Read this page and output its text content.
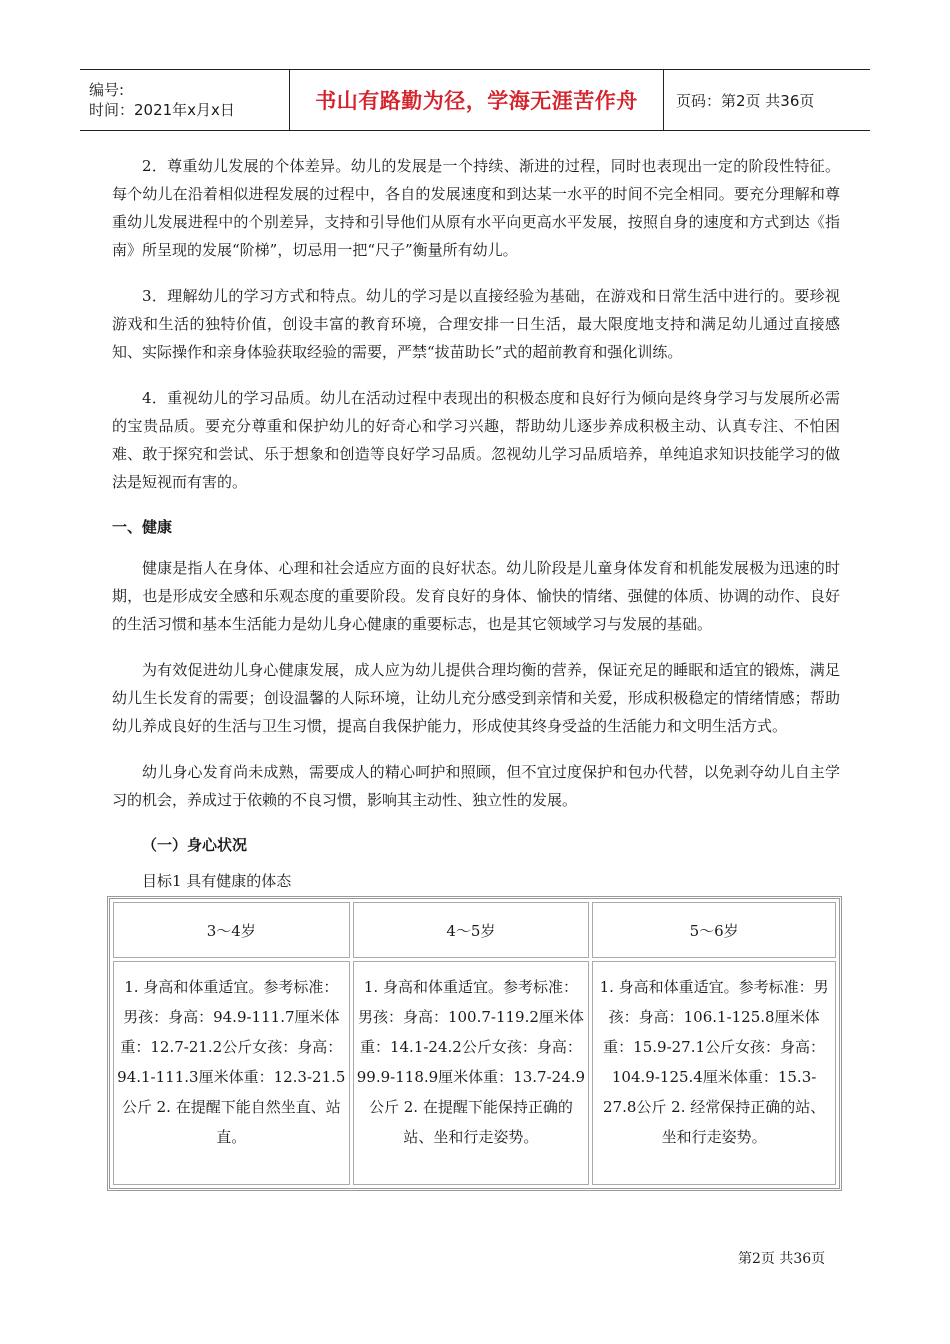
编号:
时间：2021年x月x日	书山有路勤为径，学海无涯苦作舟	页码：第2页 共36页

2．尊重幼儿发展的个体差异。幼儿的发展是一个持续、渐进的过程，同时也表现出一定的阶段性特征。每个幼儿在沿着相似进程发展的过程中，各自的发展速度和到达某一水平的时间不完全相同。要充分理解和尊重幼儿发展进程中的个别差异，支持和引导他们从原有水平向更高水平发展，按照自身的速度和方式到达《指南》所呈现的发展“阶梯”，切忌用一把“尺子”衡量所有幼儿。

3．理解幼儿的学习方式和特点。幼儿的学习是以直接经验为基础，在游戏和日常生活中进行的。要珍视游戏和生活的独特价值，创设丰富的教育环境，合理安排一日生活，最大限度地支持和满足幼儿通过直接感知、实际操作和亲身体验获取经验的需要，严禁“拔苗助长”式的超前教育和强化训练。

4．重视幼儿的学习品质。幼儿在活动过程中表现出的积极态度和良好行为倾向是终身学习与发展所必需的宝贵品质。要充分尊重和保护幼儿的好奇心和学习兴趣，帮助幼儿逐步养成积极主动、认真专注、不怕困难、敢于探究和尝试、乐于想象和创造等良好学习品质。忽视幼儿学习品质培养，单纯追求知识技能学习的做法是短视而有害的。

一、健康

健康是指人在身体、心理和社会适应方面的良好状态。幼儿阶段是儿童身体发育和机能发展极为迅速的时期，也是形成安全感和乐观态度的重要阶段。发育良好的身体、愉快的情绪、强健的体质、协调的动作、良好的生活习惯和基本生活能力是幼儿身心健康的重要标志，也是其它领域学习与发展的基础。

为有效促进幼儿身心健康发展，成人应为幼儿提供合理均衡的营养，保证充足的睡眠和适宜的锻炼，满足幼儿生长发育的需要；创设温馨的人际环境，让幼儿充分感受到亲情和关爱，形成积极稳定的情绪情感；帮助幼儿养成良好的生活与卫生习惯，提高自我保护能力，形成使其终身受益的生活能力和文明生活方式。

幼儿身心发育尚未成熟，需要成人的精心呵护和照顾，但不宜过度保护和包办代替，以免剥夺幼儿自主学习的机会，养成过于依赖的不良习惯，影响其主动性、独立性的发展。

（一）身心状况
目标1 具有健康的体态
3～4岁	4～5岁	5～6岁
1. 身高和体重适宜。参考标准：男孩：身高：94.9-111.7厘米体重：12.7-21.2公斤女孩：身高：94.1-111.3厘米体重：12.3-21.5公斤 2. 在提醒下能自然坐直、站直。	1. 身高和体重适宜。参考标准：男孩：身高：100.7-119.2厘米体重：14.1-24.2公斤女孩：身高：99.9-118.9厘米体重：13.7-24.9公斤 2. 在提醒下能保持正确的站、坐和行走姿势。	1. 身高和体重适宜。参考标准：男孩：身高：106.1-125.8厘米体重：15.9-27.1公斤女孩：身高：104.9-125.4厘米体重：15.3-27.8公斤 2. 经常保持正确的站、坐和行走姿势。
第2页 共36页
